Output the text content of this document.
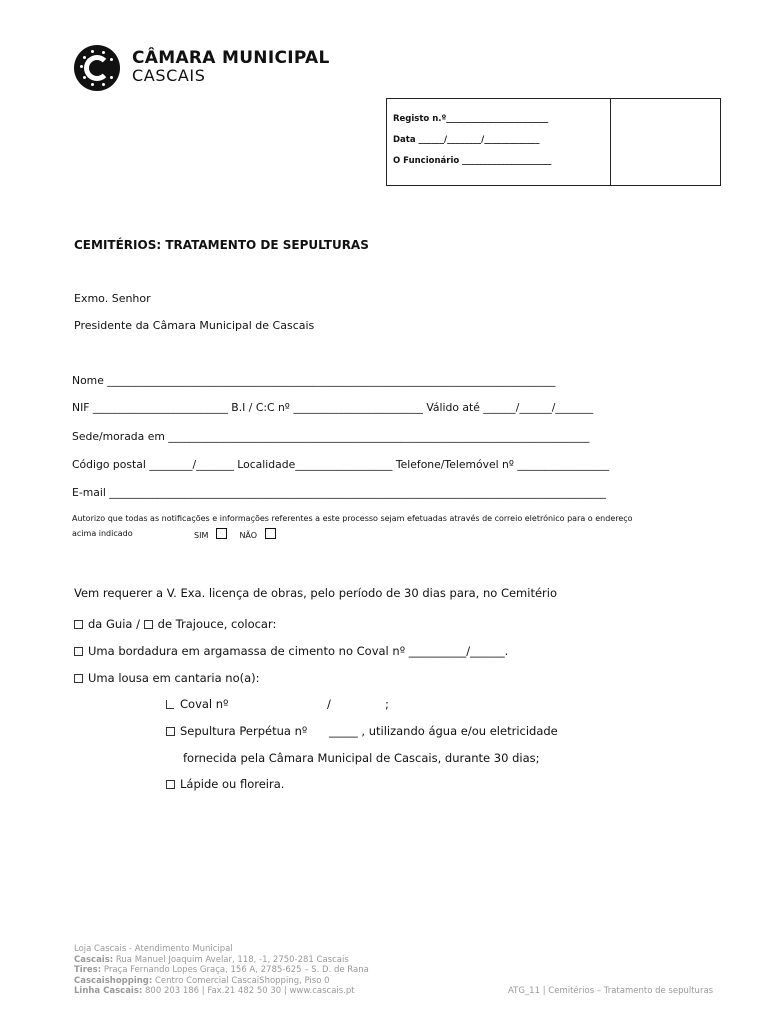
CÂMARA MUNICIPAL
CASCAIS
Registo n.º________________________
Data ______/________/_____________
O Funcionário _____________________
CEMITÉRIOS: TRATAMENTO DE SEPULTURAS
Exmo. Senhor
Presidente da Câmara Municipal de Cascais
Nome ___________________________________________________________________________________
NIF _________________________ B.I / C:C nº ________________________ Válido até ______/______/_______
Sede/morada em ______________________________________________________________________________
Código postal ________/_______ Localidade__________________ Telefone/Telemóvel nº _________________
E-mail ____________________________________________________________________________________________
Autorizo que todas as notificações e informações referentes a este processo sejam efetuadas através de correio eletrónico para o endereço
acima indicado	SIM	NÃO
Vem requerer a V. Exa. licença de obras, pelo período de 30 dias para, no Cemitério
da Guia / de Trajouce, colocar:
Uma bordadura em argamassa de cimento no Coval nº __________/______.
Uma lousa em cantaria no(a):
Coval nº	/	;
Sepultura Perpétua nº _____ , utilizando água e/ou eletricidade
fornecida pela Câmara Municipal de Cascais, durante 30 dias;
Lápide ou floreira.
Loja Cascais - Atendimento Municipal
Cascais: Rua Manuel Joaquim Avelar, 118, -1, 2750-281 Cascais
Tires: Praça Fernando Lopes Graça, 156 A, 2785-625 – S. D. de Rana
Cascaishopping: Centro Comercial CascaiShopping, Piso 0
Linha Cascais: 800 203 186 | Fax.21 482 50 30 | www.cascais.pt	ATG_11 | Cemitérios – Tratamento de sepulturas
